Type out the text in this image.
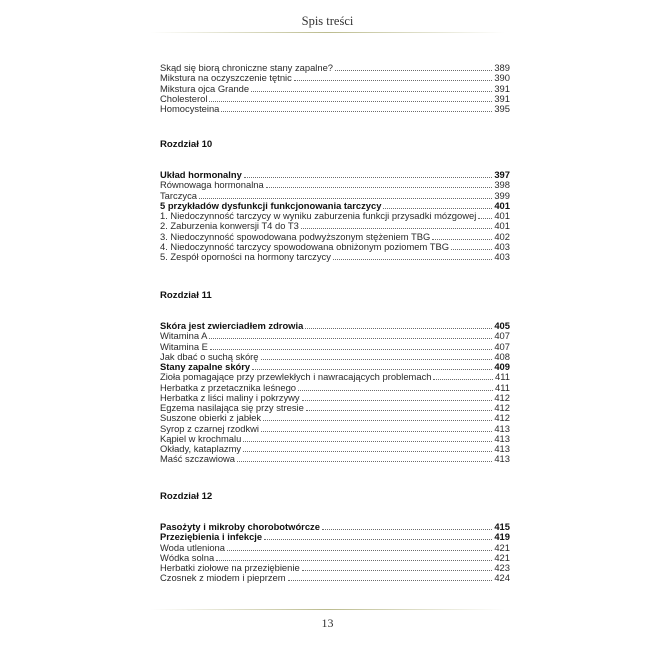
Spis treści
Skąd się biorą chroniczne stany zapalne?	389
Mikstura na oczyszczenie tętnic	390
Mikstura ojca Grande	391
Cholesterol	391
Homocysteina	395
Rozdział 10
Układ hormonalny	397
Równowaga hormonalna	398
Tarczyca	399
5 przykładów dysfunkcji funkcjonowania tarczycy	401
1. Niedoczynność tarczycy w wyniku zaburzenia funkcji przysadki mózgowej 401
2. Zaburzenia konwersji T4 do T3	401
3. Niedoczynność spowodowana podwyższonym stężeniem TBG	402
4. Niedoczynność tarczycy spowodowana obniżonym poziomem TBG	403
5. Zespół oporności na hormony tarczycy	403
Rozdział 11
Skóra jest zwierciadłem zdrowia	405
Witamina A	407
Witamina E	407
Jak dbać o suchą skórę	408
Stany zapalne skóry	409
Zioła pomagające przy przewlekłych i nawracających problemach	411
Herbatka z przetacznika leśnego	411
Herbatka z liści maliny i pokrzywy	412
Egzema nasilająca się przy stresie	412
Suszone obierki z jabłek	412
Syrop z czarnej rzodkwi	413
Kąpiel w krochmalu	413
Okłady, kataplazmy	413
Maść szczawiowa	413
Rozdział 12
Pasożyty i mikroby chorobotwórcze	415
Przeziębienia i infekcje	419
Woda utleniona	421
Wódka solna	421
Herbatki ziołowe na przeziębienie	423
Czosnek z miodem i pieprzem	424
13
